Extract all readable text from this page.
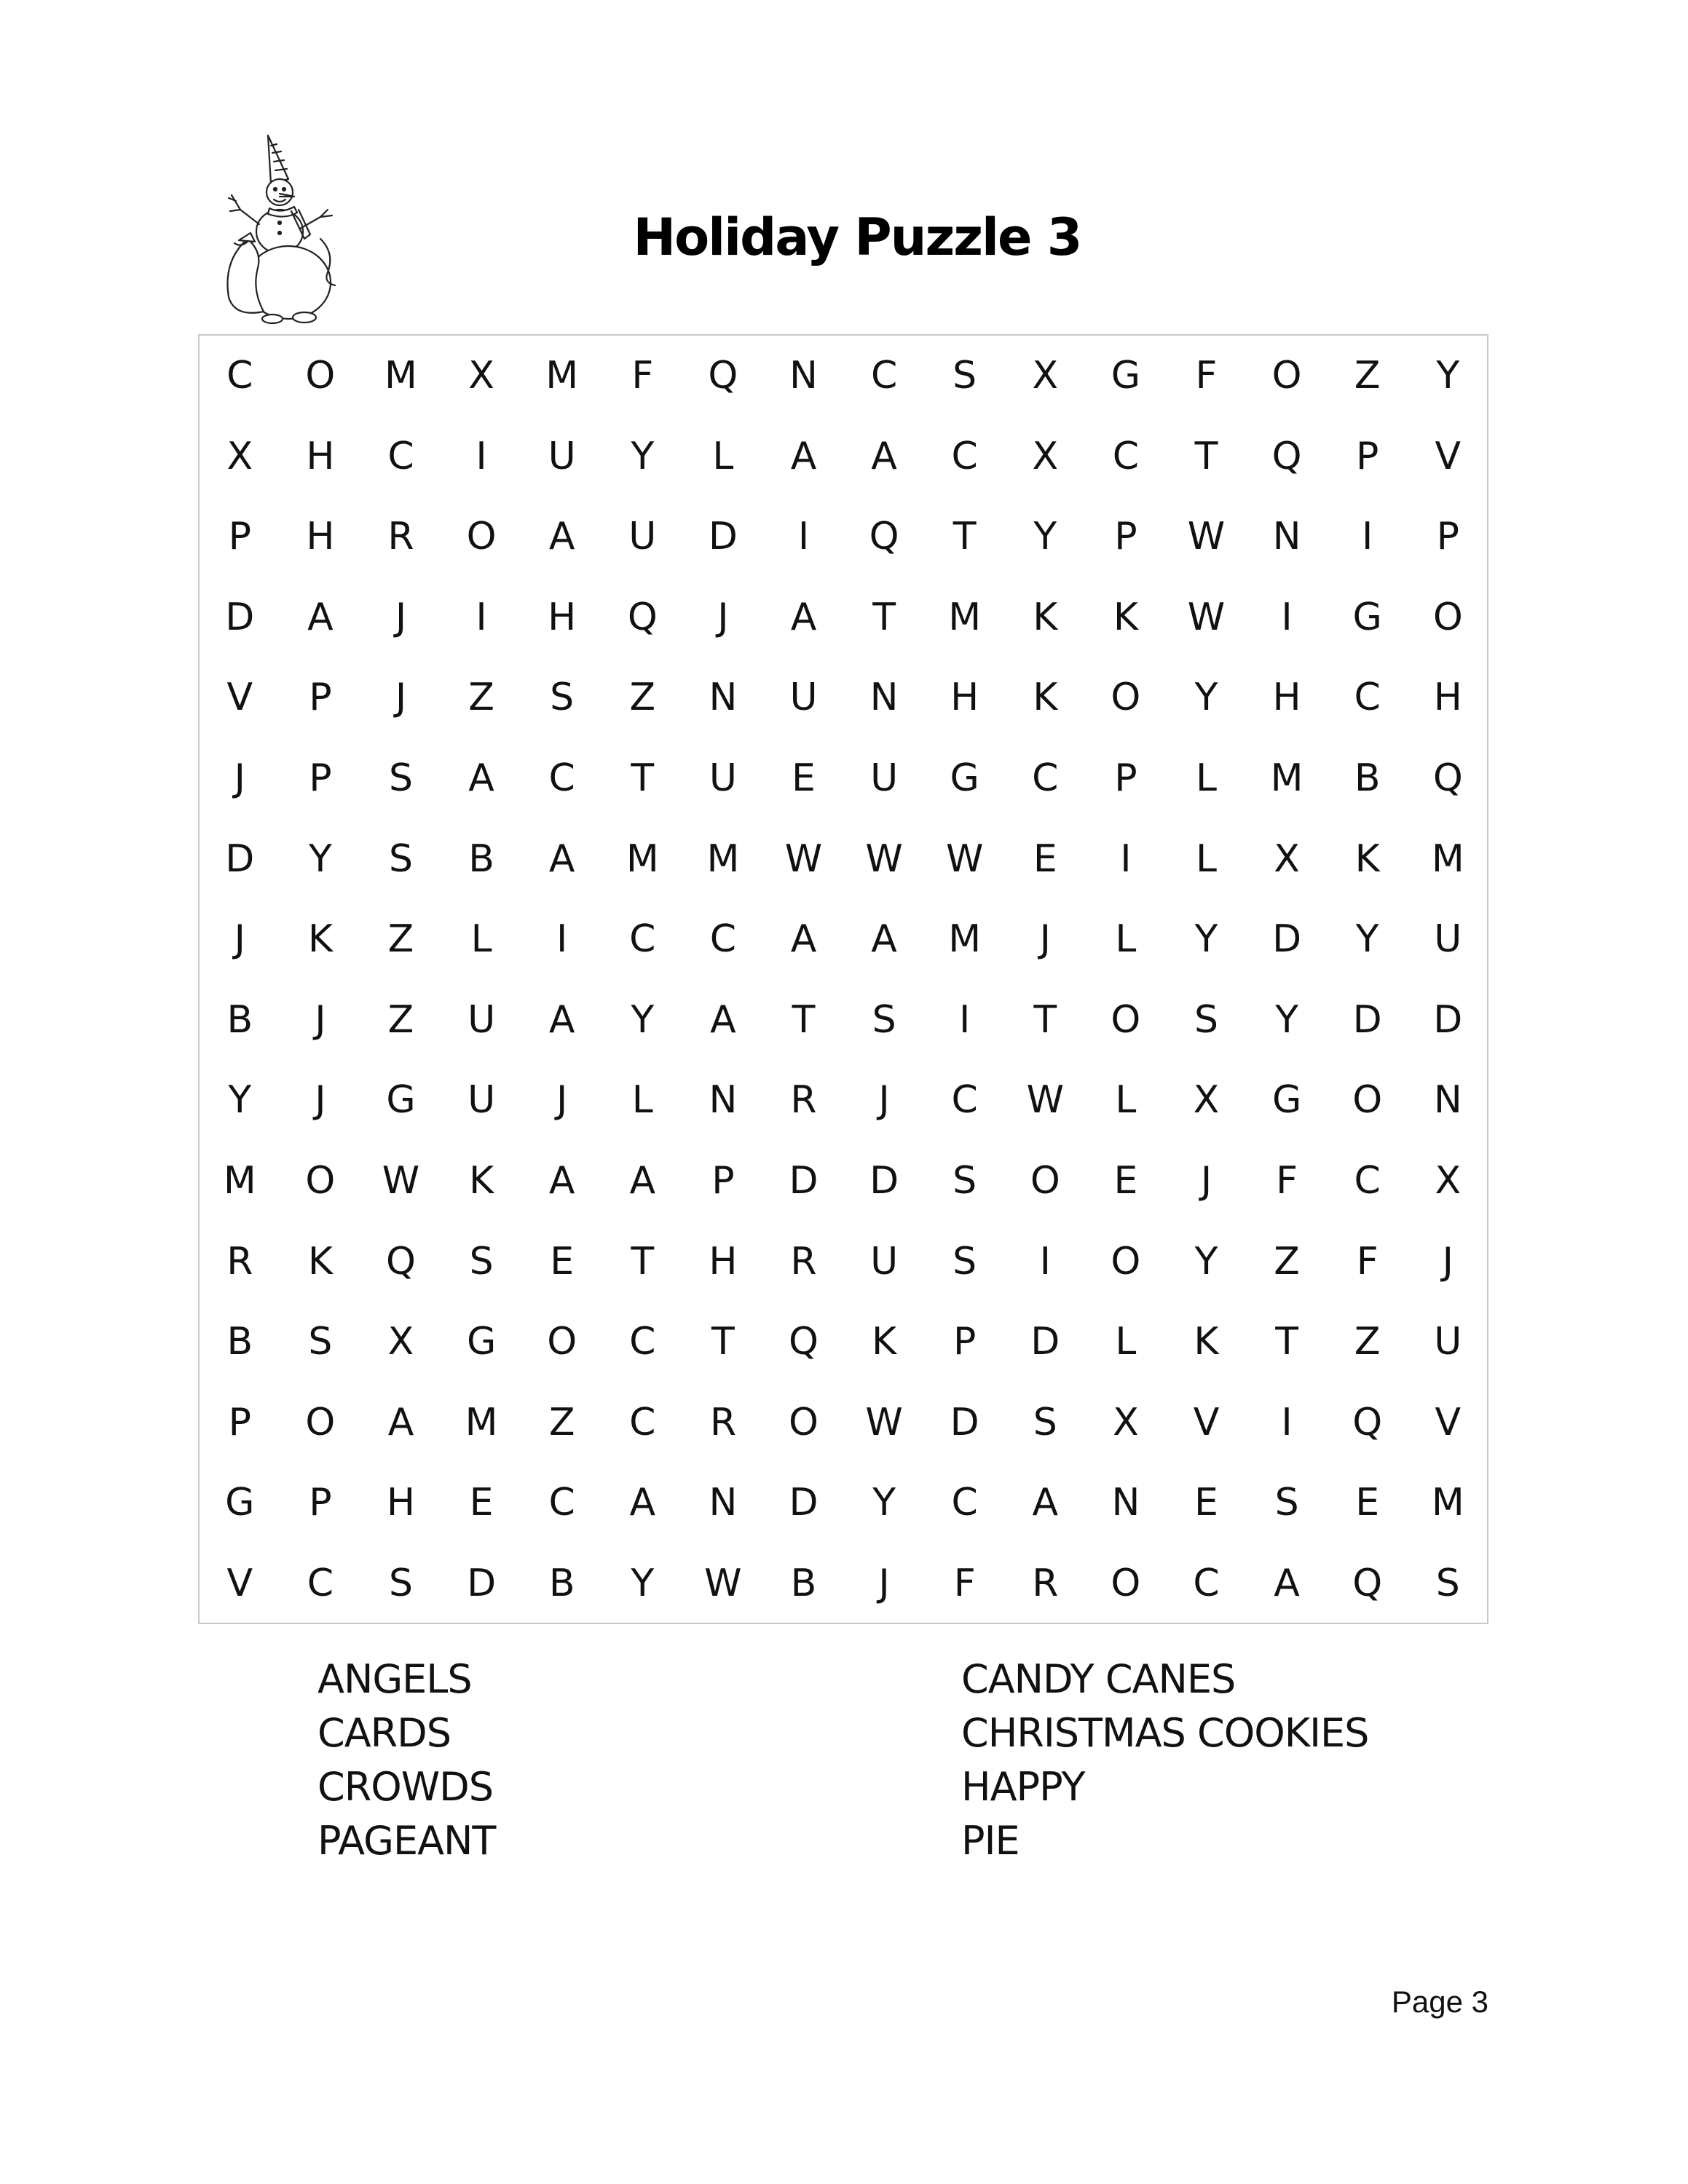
Holiday Puzzle 3
C	O	M	X	M	F	Q	N	C	S	X	G	F	O	Z	Y
X	H	C	I	U	Y	L	A	A	C	X	C	T	Q	P	V
P	H	R	O	A	U	D	I	Q	T	Y	P	W	N	I	P
D	A	J	I	H	Q	J	A	T	M	K	K	W	I	G	O
V	P	J	Z	S	Z	N	U	N	H	K	O	Y	H	C	H
J	P	S	A	C	T	U	E	U	G	C	P	L	M	B	Q
D	Y	S	B	A	M	M	W	W	W	E	I	L	X	K	M
J	K	Z	L	I	C	C	A	A	M	J	L	Y	D	Y	U
B	J	Z	U	A	Y	A	T	S	I	T	O	S	Y	D	D
Y	J	G	U	J	L	N	R	J	C	W	L	X	G	O	N
M	O	W	K	A	A	P	D	D	S	O	E	J	F	C	X
R	K	Q	S	E	T	H	R	U	S	I	O	Y	Z	F	J
B	S	X	G	O	C	T	Q	K	P	D	L	K	T	Z	U
P	O	A	M	Z	C	R	O	W	D	S	X	V	I	Q	V
G	P	H	E	C	A	N	D	Y	C	A	N	E	S	E	M
V	C	S	D	B	Y	W	B	J	F	R	O	C	A	Q	S
ANGELS
CARDS
CROWDS
PAGEANT
CANDY CANES
CHRISTMAS COOKIES
HAPPY
PIE
Page 3
